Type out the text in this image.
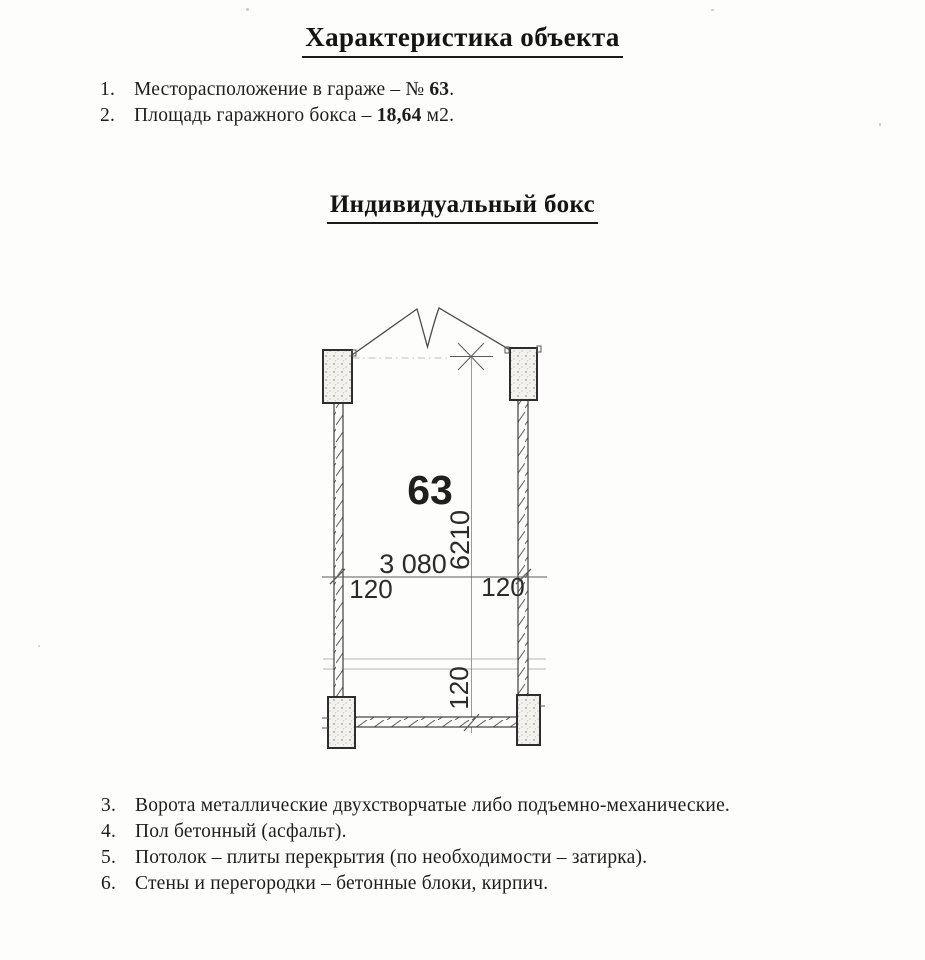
Характеристика объекта
Индивидуальный бокс
1. Месторасположение в гараже – № 63.
2. Площадь гаражного бокса – 18,64 м2.
63
6210
3 080
120	120
120
3. Ворота металлические двухстворчатые либо подъемно-механические.
4. Пол бетонный (асфальт).
5. Потолок – плиты перекрытия (по необходимости – затирка).
6. Стены и перегородки – бетонные блоки, кирпич.
